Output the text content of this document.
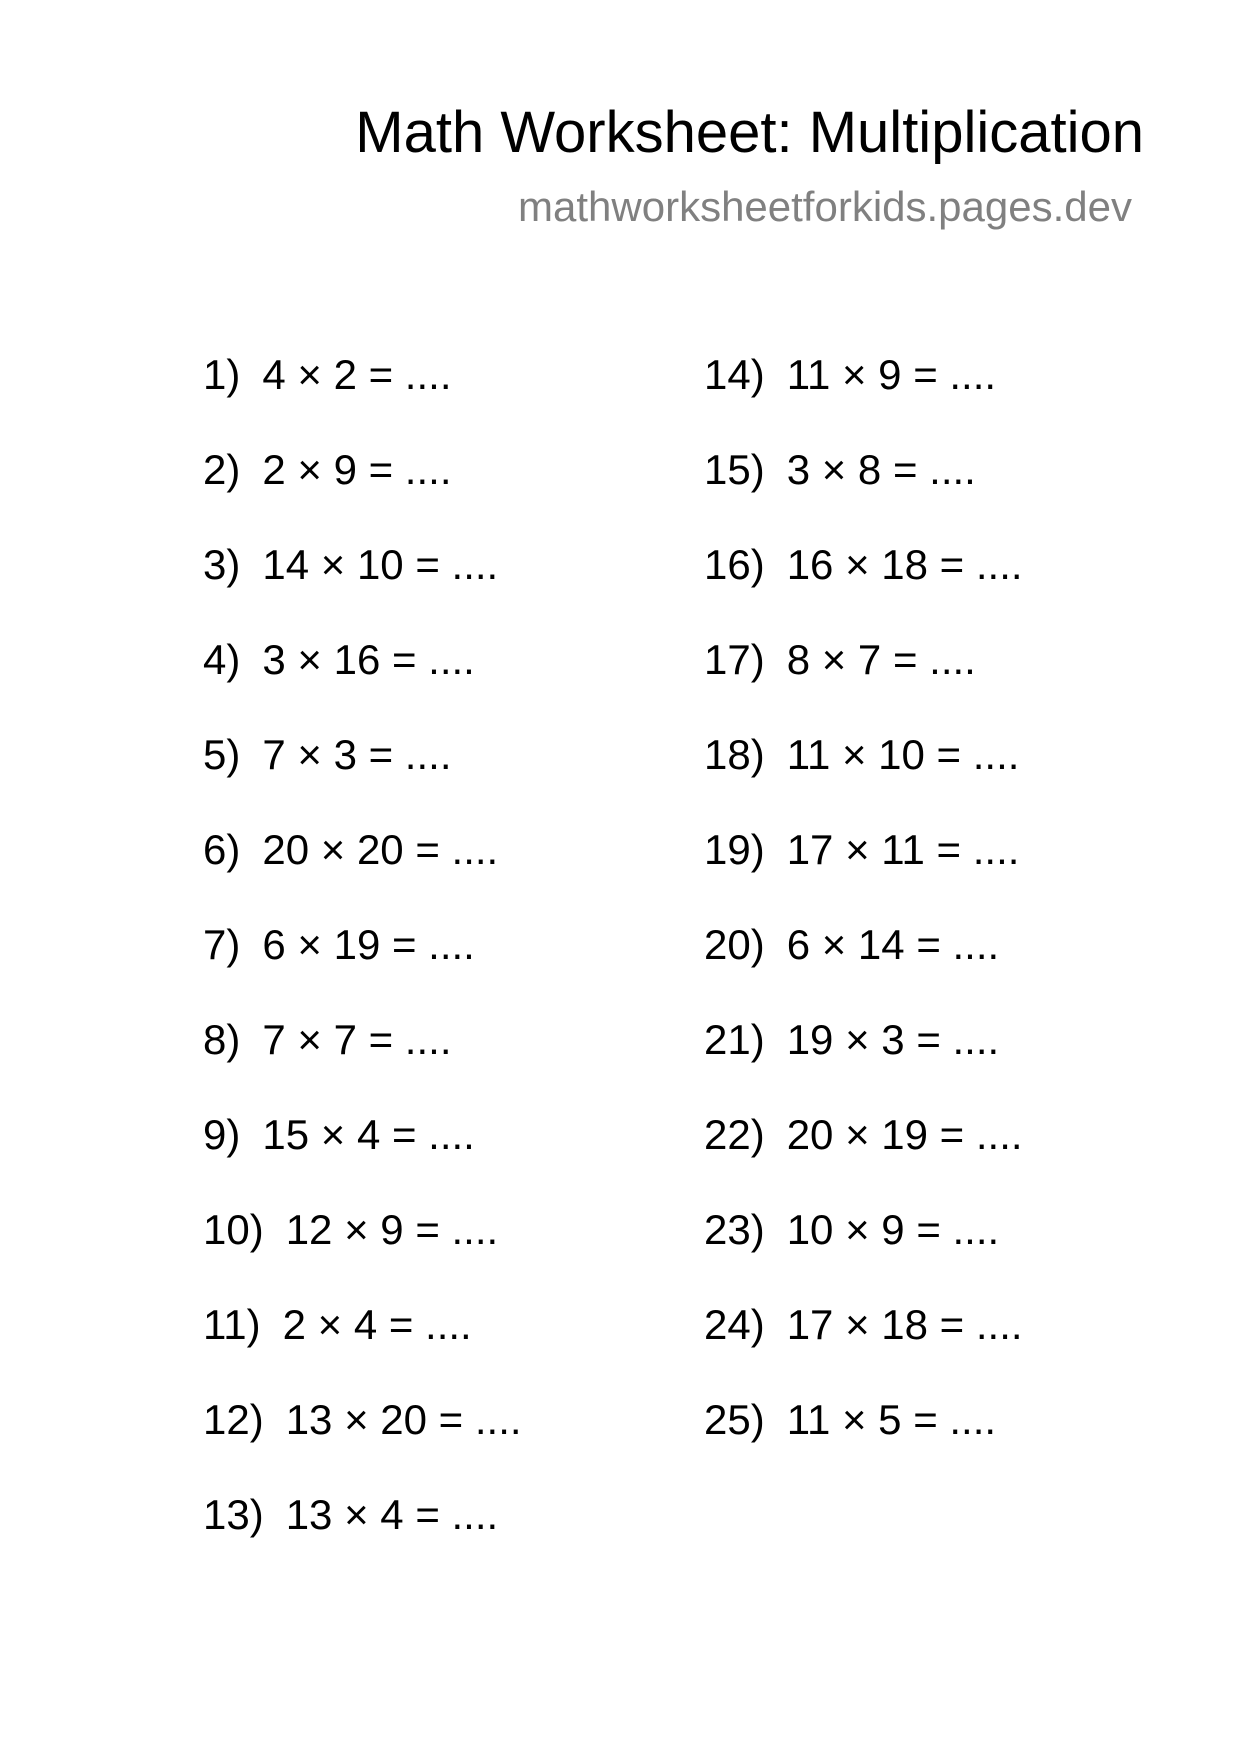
Math Worksheet: Multiplication
mathworksheetforkids.pages.dev
1) 4 × 2 = ....
2) 2 × 9 = ....
3) 14 × 10 = ....
4) 3 × 16 = ....
5) 7 × 3 = ....
6) 20 × 20 = ....
7) 6 × 19 = ....
8) 7 × 7 = ....
9) 15 × 4 = ....
10) 12 × 9 = ....
11) 2 × 4 = ....
12) 13 × 20 = ....
13) 13 × 4 = ....
14) 11 × 9 = ....
15) 3 × 8 = ....
16) 16 × 18 = ....
17) 8 × 7 = ....
18) 11 × 10 = ....
19) 17 × 11 = ....
20) 6 × 14 = ....
21) 19 × 3 = ....
22) 20 × 19 = ....
23) 10 × 9 = ....
24) 17 × 18 = ....
25) 11 × 5 = ....
